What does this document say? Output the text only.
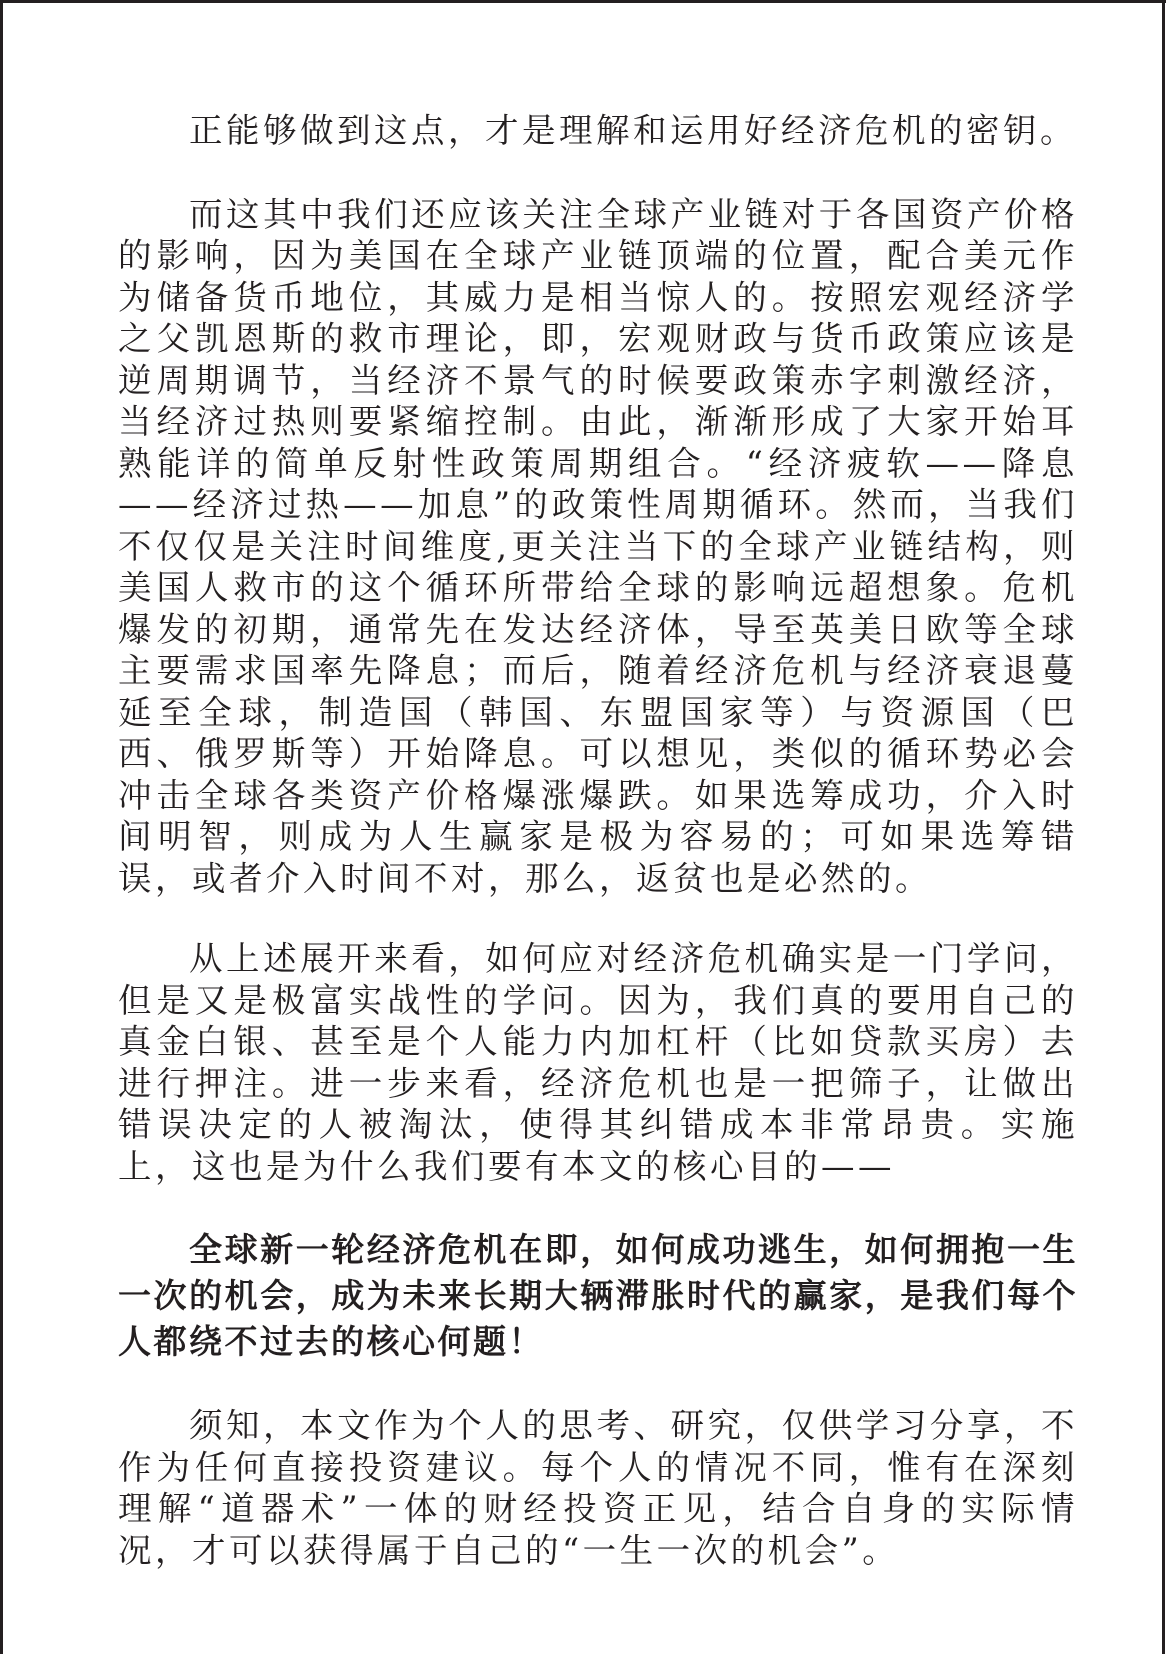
正能够做到这点，才是理解和运用好经济危机的密钥。

而这其中我们还应该关注全球产业链对于各国资产价格的影响，因为美国在全球产业链顶端的位置，配合美元作为储备货币地位，其威力是相当惊人的。按照宏观经济学之父凯恩斯的救市理论，即，宏观财政与货币政策应该是逆周期调节，当经济不景气的时候要政策赤字刺激经济，当经济过热则要紧缩控制。由此，渐渐形成了大家开始耳熟能详的简单反射性政策周期组合。“经济疲软——降息——经济过热——加息”的政策性周期循环。然而，当我们不仅仅是关注时间维度,更关注当下的全球产业链结构，则美国人救市的这个循环所带给全球的影响远超想象。危机爆发的初期，通常先在发达经济体，导至英美日欧等全球主要需求国率先降息；而后，随着经济危机与经济衰退蔓延至全球，制造国（韩国、东盟国家等）与资源国（巴西、俄罗斯等）开始降息。可以想见，类似的循环势必会冲击全球各类资产价格爆涨爆跌。如果选筹成功，介入时间明智，则成为人生赢家是极为容易的；可如果选筹错误，或者介入时间不对，那么，返贫也是必然的。

从上述展开来看，如何应对经济危机确实是一门学问，但是又是极富实战性的学问。因为，我们真的要用自己的真金白银、甚至是个人能力内加杠杆（比如贷款买房）去进行押注。进一步来看，经济危机也是一把筛子，让做出错误决定的人被淘汰，使得其纠错成本非常昂贵。实施上，这也是为什么我们要有本文的核心目的——

全球新一轮经济危机在即，如何成功逃生，如何拥抱一生一次的机会，成为未来长期大辆滞胀时代的赢家，是我们每个人都绕不过去的核心何题！

须知，本文作为个人的思考、研究，仅供学习分享，不作为任何直接投资建议。每个人的情况不同，惟有在深刻理解“道器术”一体的财经投资正见，结合自身的实际情况，才可以获得属于自己的“一生一次的机会”。
